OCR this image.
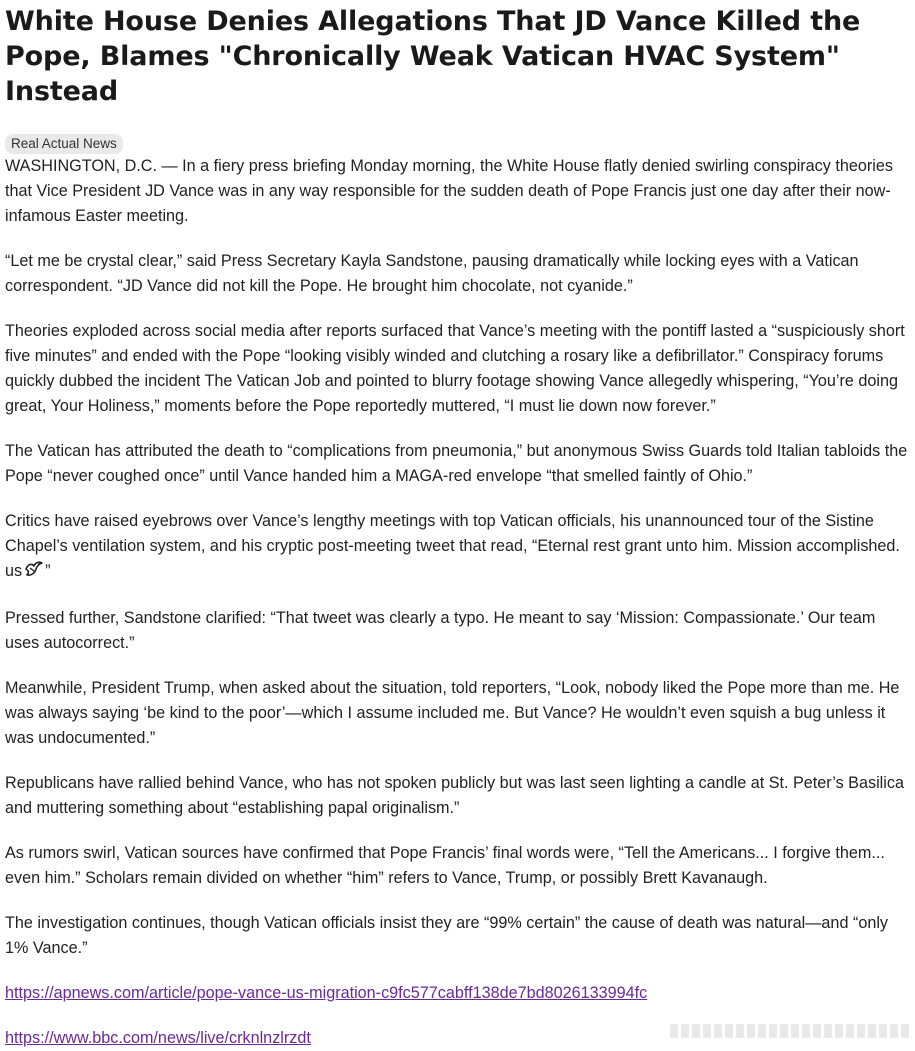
White House Denies Allegations That JD Vance Killed the Pope, Blames "Chronically Weak Vatican HVAC System" Instead
Real Actual News

WASHINGTON, D.C. — In a fiery press briefing Monday morning, the White House flatly denied swirling conspiracy theories that Vice President JD Vance was in any way responsible for the sudden death of Pope Francis just one day after their now-infamous Easter meeting.

“Let me be crystal clear,” said Press Secretary Kayla Sandstone, pausing dramatically while locking eyes with a Vatican correspondent. “JD Vance did not kill the Pope. He brought him chocolate, not cyanide.”

Theories exploded across social media after reports surfaced that Vance’s meeting with the pontiff lasted a “suspiciously short five minutes” and ended with the Pope “looking visibly winded and clutching a rosary like a defibrillator.” Conspiracy forums quickly dubbed the incident The Vatican Job and pointed to blurry footage showing Vance allegedly whispering, “You’re doing great, Your Holiness,” moments before the Pope reportedly muttered, “I must lie down now forever.”

The Vatican has attributed the death to “complications from pneumonia,” but anonymous Swiss Guards told Italian tabloids the Pope “never coughed once” until Vance handed him a MAGA-red envelope “that smelled faintly of Ohio.”

Critics have raised eyebrows over Vance’s lengthy meetings with top Vatican officials, his unannounced tour of the Sistine Chapel’s ventilation system, and his cryptic post-meeting tweet that read, “Eternal rest grant unto him. Mission accomplished. us ”

Pressed further, Sandstone clarified: “That tweet was clearly a typo. He meant to say ‘Mission: Compassionate.’ Our team uses autocorrect.”

Meanwhile, President Trump, when asked about the situation, told reporters, “Look, nobody liked the Pope more than me. He was always saying ‘be kind to the poor’—which I assume included me. But Vance? He wouldn’t even squish a bug unless it was undocumented.”

Republicans have rallied behind Vance, who has not spoken publicly but was last seen lighting a candle at St. Peter’s Basilica and muttering something about “establishing papal originalism.”

As rumors swirl, Vatican sources have confirmed that Pope Francis’ final words were, “Tell the Americans... I forgive them... even him.” Scholars remain divided on whether “him” refers to Vance, Trump, or possibly Brett Kavanaugh.

The investigation continues, though Vatican officials insist they are “99% certain” the cause of death was natural—and “only 1% Vance.”

https://apnews.com/article/pope-vance-us-migration-c9fc577cabff138de7bd8026133994fc
https://www.bbc.com/news/live/crknlnzlrzdt
